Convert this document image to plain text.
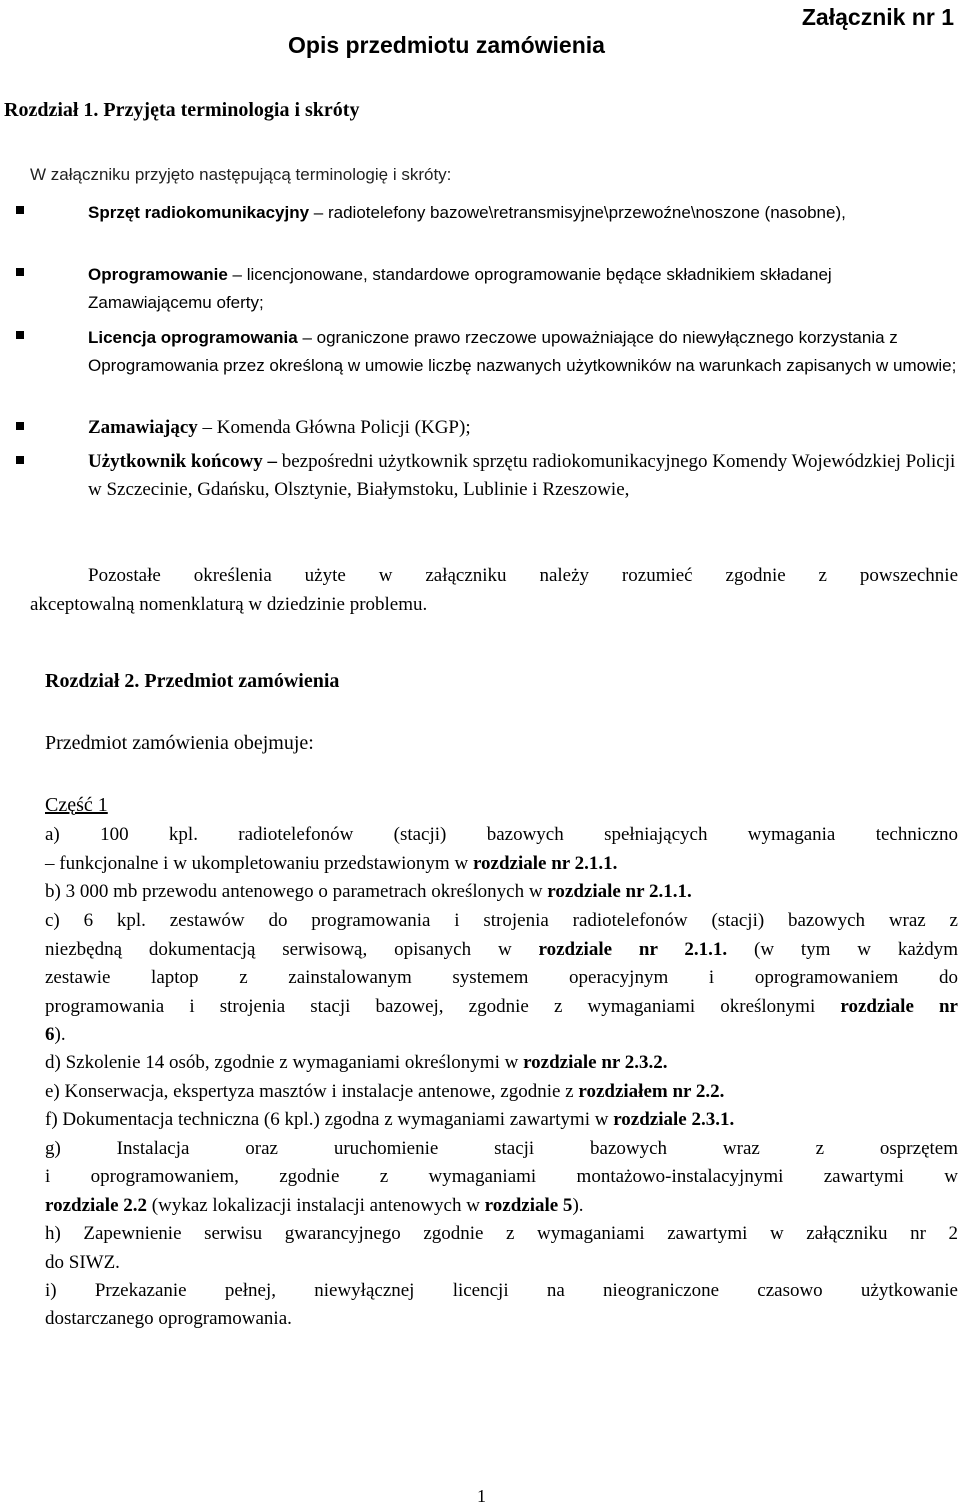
Załącznik nr 1
Opis przedmiotu zamówienia
Rozdział 1. Przyjęta terminologia i skróty
W załączniku przyjęto następującą terminologię i skróty:
Sprzęt radiokomunikacyjny – radiotelefony bazowe\retransmisyjne\przewoźne\noszone (nasobne),
Oprogramowanie – licencjonowane, standardowe oprogramowanie będące składnikiem składanej Zamawiającemu oferty;
Licencja oprogramowania – ograniczone prawo rzeczowe upoważniające do niewyłącznego korzystania z Oprogramowania przez określoną w umowie liczbę nazwanych użytkowników na warunkach zapisanych w umowie;
Zamawiający – Komenda Główna Policji (KGP);
Użytkownik końcowy – bezpośredni użytkownik sprzętu radiokomunikacyjnego Komendy Wojewódzkiej Policji w Szczecinie, Gdańsku, Olsztynie, Białymstoku, Lublinie i Rzeszowie,
Pozostałe określenia użyte w załączniku należy rozumieć zgodnie z powszechnie
akceptowalną nomenklaturą w dziedzinie problemu.
Rozdział 2. Przedmiot zamówienia
Przedmiot zamówienia obejmuje:
Część 1
a) 100 kpl. radiotelefonów (stacji) bazowych spełniających wymagania techniczno
– funkcjonalne i w ukompletowaniu przedstawionym w rozdziale nr 2.1.1.
b) 3 000 mb przewodu antenowego o parametrach określonych w rozdziale nr 2.1.1.
c) 6 kpl. zestawów do programowania i strojenia radiotelefonów (stacji) bazowych wraz z
niezbędną dokumentacją serwisową, opisanych w rozdziale nr 2.1.1. (w tym w każdym
zestawie laptop z zainstalowanym systemem operacyjnym i oprogramowaniem do
programowania i strojenia stacji bazowej, zgodnie z wymaganiami określonymi rozdziale nr
6).
d) Szkolenie 14 osób, zgodnie z wymaganiami określonymi w rozdziale nr 2.3.2.
e) Konserwacja, ekspertyza masztów i instalacje antenowe, zgodnie z rozdziałem nr 2.2.
f) Dokumentacja techniczna (6 kpl.) zgodna z wymaganiami zawartymi w rozdziale 2.3.1.
g) Instalacja oraz uruchomienie stacji bazowych wraz z osprzętem
i oprogramowaniem, zgodnie z wymaganiami montażowo-instalacyjnymi zawartymi w
rozdziale 2.2 (wykaz lokalizacji instalacji antenowych w rozdziale 5).
h) Zapewnienie serwisu gwarancyjnego zgodnie z wymaganiami zawartymi w załączniku nr 2
do SIWZ.
i) Przekazanie pełnej, niewyłącznej licencji na nieograniczone czasowo użytkowanie
dostarczanego oprogramowania.
1
